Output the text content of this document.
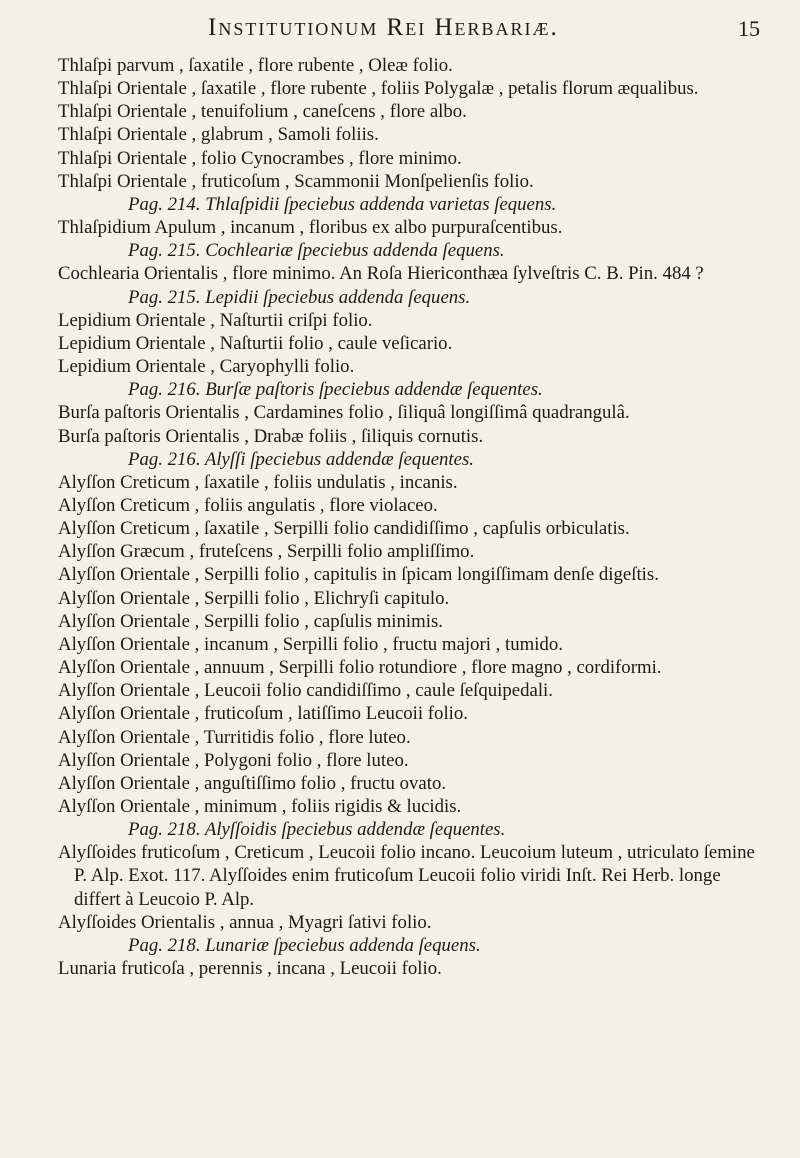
Institutionum Rei Herbariæ.	15

Thlaſpi parvum , ſaxatile , flore rubente , Oleæ folio.

Thlaſpi Orientale , ſaxatile , flore rubente , foliis Polygalæ , petalis florum æqualibus.

Thlaſpi Orientale , tenuifolium , caneſcens , flore albo.

Thlaſpi Orientale , glabrum , Samoli foliis.

Thlaſpi Orientale , folio Cynocrambes , flore minimo.

Thlaſpi Orientale , fruticoſum , Scammonii Monſpelienſis folio.

Pag. 214. Thlaſpidii ſpeciebus addenda varietas ſequens.

Thlaſpidium Apulum , incanum , floribus ex albo purpuraſcentibus.

Pag. 215. Cochleariæ ſpeciebus addenda ſequens.

Cochlearia Orientalis , flore minimo. An Roſa Hiericonthæa ſylveſtris C. B. Pin. 484 ?

Pag. 215. Lepidii ſpeciebus addenda ſequens.

Lepidium Orientale , Naſturtii criſpi folio.

Lepidium Orientale , Naſturtii folio , caule veſicario.

Lepidium Orientale , Caryophylli folio.

Pag. 216. Burſæ paſtoris ſpeciebus addendæ ſequentes.

Burſa paſtoris Orientalis , Cardamines folio , ſiliquâ longiſſimâ quadrangulâ.

Burſa paſtoris Orientalis , Drabæ foliis , ſiliquis cornutis.

Pag. 216. Alyſſi ſpeciebus addendæ ſequentes.

Alyſſon Creticum , ſaxatile , foliis undulatis , incanis.

Alyſſon Creticum , foliis angulatis , flore violaceo.

Alyſſon Creticum , ſaxatile , Serpilli folio candidiſſimo , capſulis orbiculatis.

Alyſſon Græcum , fruteſcens , Serpilli folio ampliſſimo.

Alyſſon Orientale , Serpilli folio , capitulis in ſpicam longiſſimam denſe digeſtis.

Alyſſon Orientale , Serpilli folio , Elichryſi capitulo.

Alyſſon Orientale , Serpilli folio , capſulis minimis.

Alyſſon Orientale , incanum , Serpilli folio , fructu majori , tumido.

Alyſſon Orientale , annuum , Serpilli folio rotundiore , flore magno , cordiformi.

Alyſſon Orientale , Leucoii folio candidiſſimo , caule ſeſquipedali.

Alyſſon Orientale , fruticoſum , latiſſimo Leucoii folio.

Alyſſon Orientale , Turritidis folio , flore luteo.

Alyſſon Orientale , Polygoni folio , flore luteo.

Alyſſon Orientale , anguſtiſſimo folio , fructu ovato.

Alyſſon Orientale , minimum , foliis rigidis & lucidis.

Pag. 218. Alyſſoidis ſpeciebus addendæ ſequentes.

Alyſſoides fruticoſum , Creticum , Leucoii folio incano. Leucoium luteum , utriculato ſemine P. Alp. Exot. 117. Alyſſoides enim fruticoſum Leucoii folio viridi Inſt. Rei Herb. longe differt à Leucoio P. Alp.

Alyſſoides Orientalis , annua , Myagri ſativi folio.

Pag. 218. Lunariæ ſpeciebus addenda ſequens.

Lunaria fruticoſa , perennis , incana , Leucoii folio.
